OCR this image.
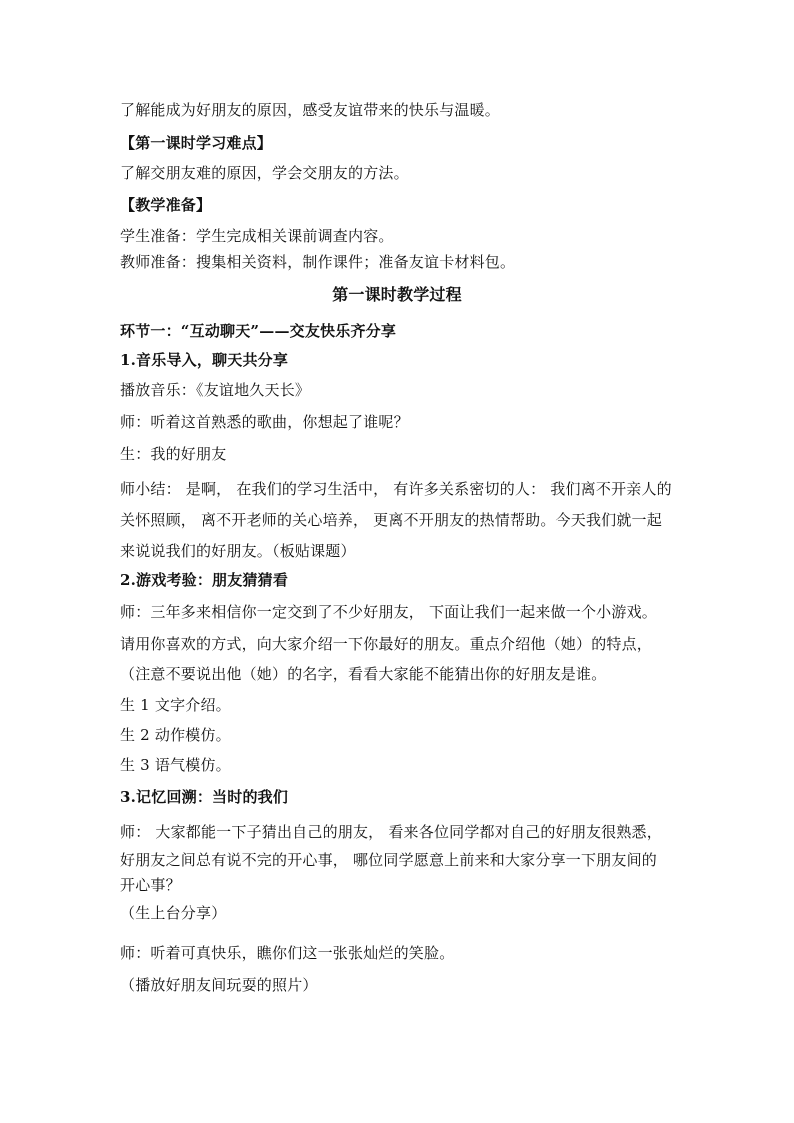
了解能成为好朋友的原因，感受友谊带来的快乐与温暖。
【第一课时学习难点】
了解交朋友难的原因，学会交朋友的方法。
【教学准备】
学生准备：学生完成相关课前调查内容。
教师准备：搜集相关资料，制作课件；准备友谊卡材料包。
第一课时教学过程
环节一：“互动聊天”——交友快乐齐分享
1.音乐导入，聊天共分享
播放音乐：《友谊地久天长》
师：听着这首熟悉的歌曲，你想起了谁呢？
生：我的好朋友
师小结： 是啊， 在我们的学习生活中， 有许多关系密切的人： 我们离不开亲人的
关怀照顾， 离不开老师的关心培养， 更离不开朋友的热情帮助。今天我们就一起
来说说我们的好朋友。（板贴课题）
2.游戏考验：朋友猜猜看
师：三年多来相信你一定交到了不少好朋友， 下面让我们一起来做一个小游戏。
请用你喜欢的方式，向大家介绍一下你最好的朋友。重点介绍他（她）的特点，
（注意不要说出他（她）的名字，看看大家能不能猜出你的好朋友是谁。
生 1 文字介绍。
生 2 动作模仿。
生 3 语气模仿。
3.记忆回溯：当时的我们
师： 大家都能一下子猜出自己的朋友， 看来各位同学都对自己的好朋友很熟悉，
好朋友之间总有说不完的开心事， 哪位同学愿意上前来和大家分享一下朋友间的
开心事？
（生上台分享）
师：听着可真快乐，瞧你们这一张张灿烂的笑脸。
（播放好朋友间玩耍的照片）
